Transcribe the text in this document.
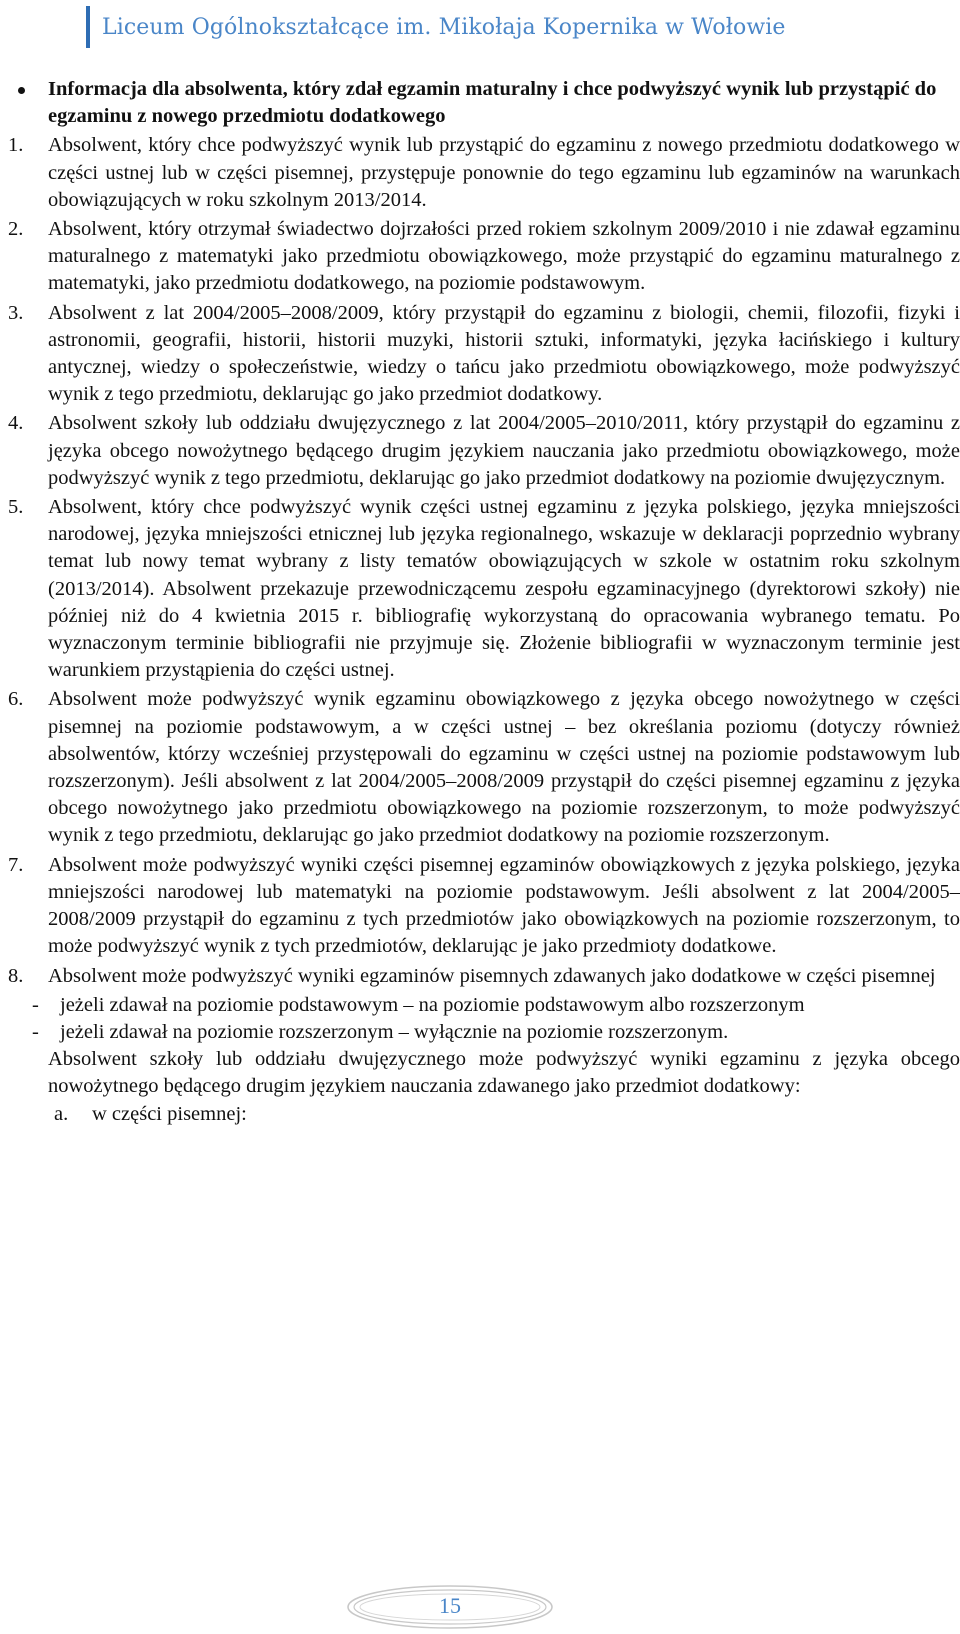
Liceum Ogólnokształcące im. Mikołaja Kopernika w Wołowie
Informacja dla absolwenta, który zdał egzamin maturalny i chce podwyższyć wynik lub przystąpić do egzaminu z nowego przedmiotu dodatkowego
1. Absolwent, który chce podwyższyć wynik lub przystąpić do egzaminu z nowego przedmiotu dodatkowego w części ustnej lub w części pisemnej, przystępuje ponownie do tego egzaminu lub egzaminów na warunkach obowiązujących w roku szkolnym 2013/2014.
2. Absolwent, który otrzymał świadectwo dojrzałości przed rokiem szkolnym 2009/2010 i nie zdawał egzaminu maturalnego z matematyki jako przedmiotu obowiązkowego, może przystąpić do egzaminu maturalnego z matematyki, jako przedmiotu dodatkowego, na poziomie podstawowym.
3. Absolwent z lat 2004/2005–2008/2009, który przystąpił do egzaminu z biologii, chemii, filozofii, fizyki i astronomii, geografii, historii, historii muzyki, historii sztuki, informatyki, języka łacińskiego i kultury antycznej, wiedzy o społeczeństwie, wiedzy o tańcu jako przedmiotu obowiązkowego, może podwyższyć wynik z tego przedmiotu, deklarując go jako przedmiot dodatkowy.
4. Absolwent szkoły lub oddziału dwujęzycznego z lat 2004/2005–2010/2011, który przystąpił do egzaminu z języka obcego nowożytnego będącego drugim językiem nauczania jako przedmiotu obowiązkowego, może podwyższyć wynik z tego przedmiotu, deklarując go jako przedmiot dodatkowy na poziomie dwujęzycznym.
5. Absolwent, który chce podwyższyć wynik części ustnej egzaminu z języka polskiego, języka mniejszości narodowej, języka mniejszości etnicznej lub języka regionalnego, wskazuje w deklaracji poprzednio wybrany temat lub nowy temat wybrany z listy tematów obowiązujących w szkole w ostatnim roku szkolnym (2013/2014). Absolwent przekazuje przewodniczącemu zespołu egzaminacyjnego (dyrektorowi szkoły) nie później niż do 4 kwietnia 2015 r. bibliografię wykorzystaną do opracowania wybranego tematu. Po wyznaczonym terminie bibliografii nie przyjmuje się. Złożenie bibliografii w wyznaczonym terminie jest warunkiem przystąpienia do części ustnej.
6. Absolwent może podwyższyć wynik egzaminu obowiązkowego z języka obcego nowożytnego w części pisemnej na poziomie podstawowym, a w części ustnej – bez określania poziomu (dotyczy również absolwentów, którzy wcześniej przystępowali do egzaminu w części ustnej na poziomie podstawowym lub rozszerzonym). Jeśli absolwent z lat 2004/2005–2008/2009 przystąpił do części pisemnej egzaminu z języka obcego nowożytnego jako przedmiotu obowiązkowego na poziomie rozszerzonym, to może podwyższyć wynik z tego przedmiotu, deklarując go jako przedmiot dodatkowy na poziomie rozszerzonym.
7. Absolwent może podwyższyć wyniki części pisemnej egzaminów obowiązkowych z języka polskiego, języka mniejszości narodowej lub matematyki na poziomie podstawowym. Jeśli absolwent z lat 2004/2005–2008/2009 przystąpił do egzaminu z tych przedmiotów jako obowiązkowych na poziomie rozszerzonym, to może podwyższyć wynik z tych przedmiotów, deklarując je jako przedmioty dodatkowe.
8. Absolwent może podwyższyć wyniki egzaminów pisemnych zdawanych jako dodatkowe w części pisemnej
- jeżeli zdawał na poziomie podstawowym – na poziomie podstawowym albo rozszerzonym
- jeżeli zdawał na poziomie rozszerzonym – wyłącznie na poziomie rozszerzonym.
Absolwent szkoły lub oddziału dwujęzycznego może podwyższyć wyniki egzaminu z języka obcego nowożytnego będącego drugim językiem nauczania zdawanego jako przedmiot dodatkowy:
a. w części pisemnej:
15
